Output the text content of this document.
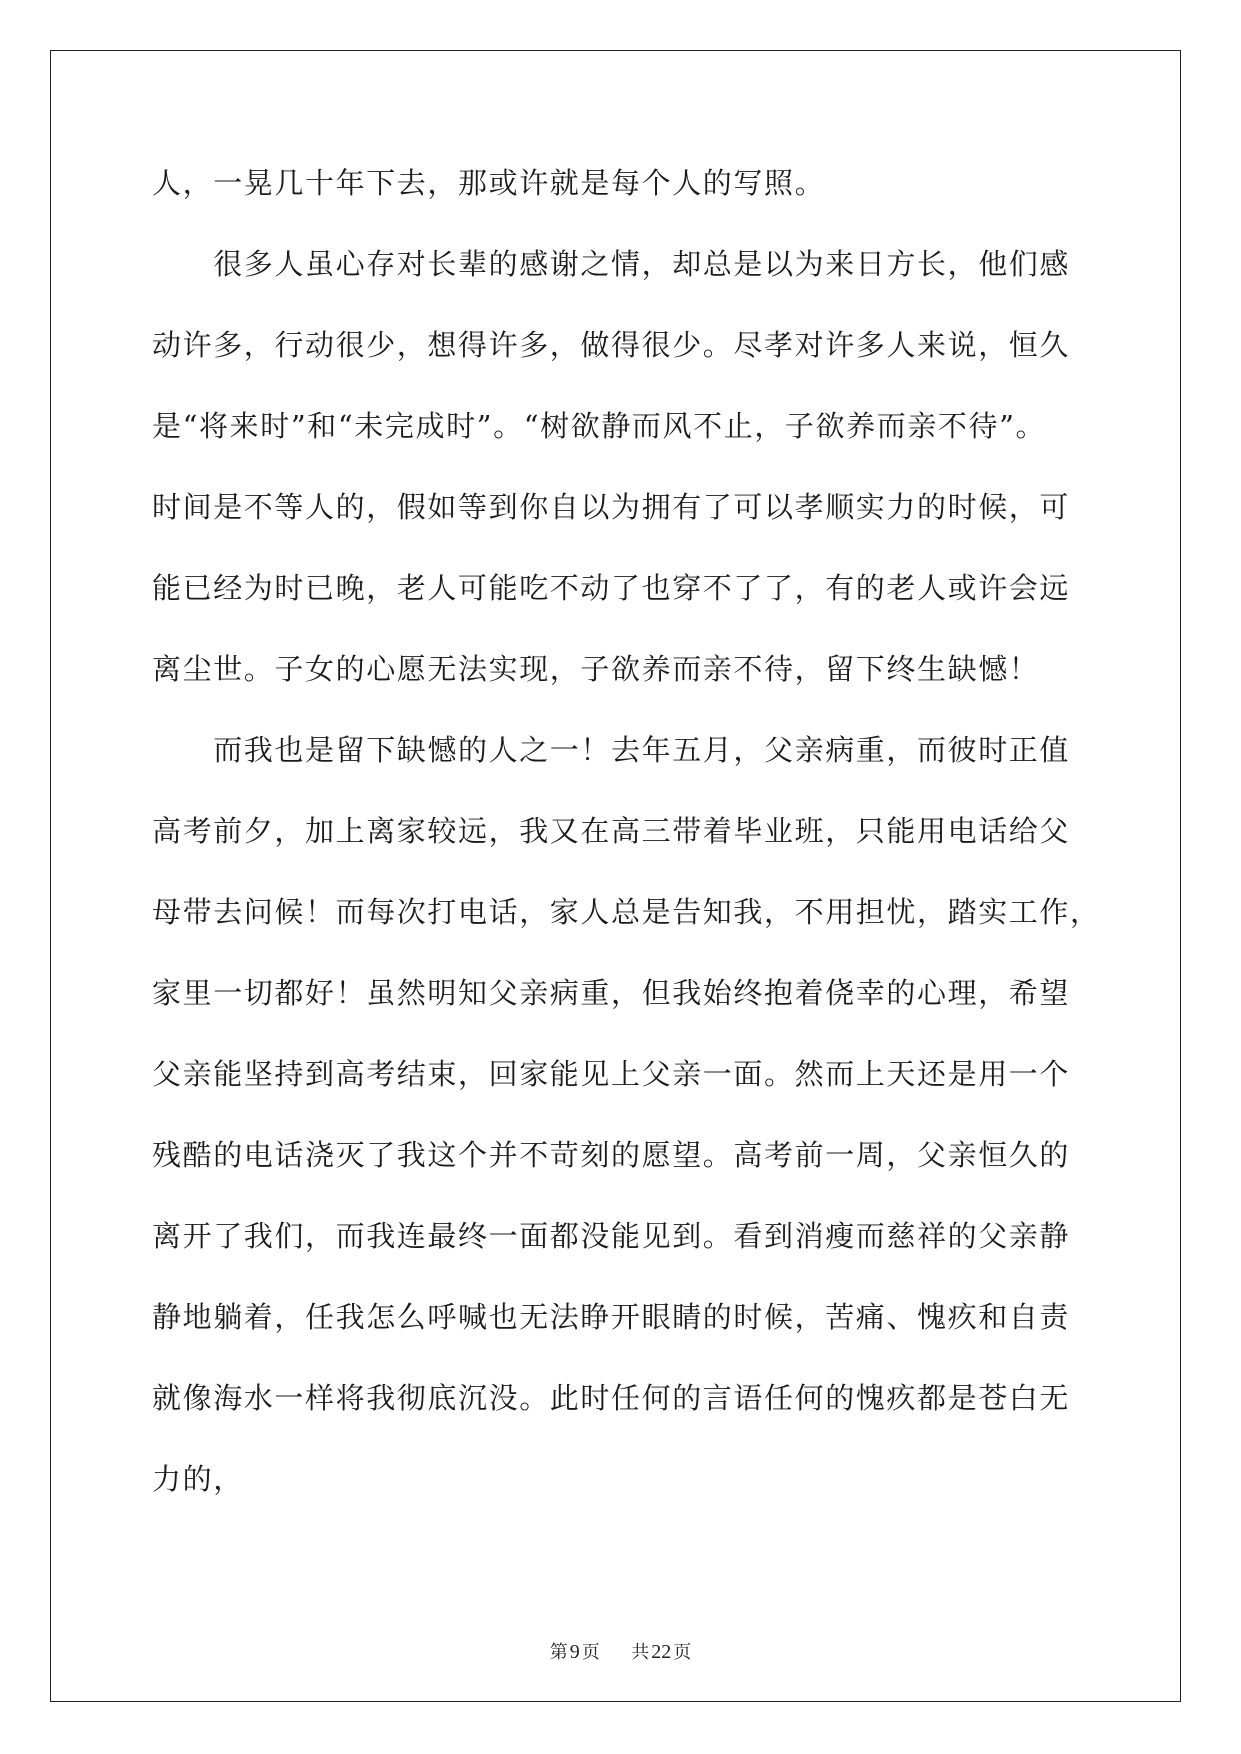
人，一晃几十年下去，那或许就是每个人的写照。
　　很多人虽心存对长辈的感谢之情，却总是以为来日方长，他们感
动许多，行动很少，想得许多，做得很少。尽孝对许多人来说，恒久
是“将来时”和“未完成时”。“树欲静而风不止，子欲养而亲不待”。
时间是不等人的，假如等到你自以为拥有了可以孝顺实力的时候，可
能已经为时已晚，老人可能吃不动了也穿不了了，有的老人或许会远
离尘世。子女的心愿无法实现，子欲养而亲不待，留下终生缺憾！
　　而我也是留下缺憾的人之一！去年五月，父亲病重，而彼时正值
高考前夕，加上离家较远，我又在高三带着毕业班，只能用电话给父
母带去问候！而每次打电话，家人总是告知我，不用担忧，踏实工作，
家里一切都好！虽然明知父亲病重，但我始终抱着侥幸的心理，希望
父亲能坚持到高考结束，回家能见上父亲一面。然而上天还是用一个
残酷的电话浇灭了我这个并不苛刻的愿望。高考前一周，父亲恒久的
离开了我们，而我连最终一面都没能见到。看到消瘦而慈祥的父亲静
静地躺着，任我怎么呼喊也无法睁开眼睛的时候，苦痛、愧疚和自责
就像海水一样将我彻底沉没。此时任何的言语任何的愧疚都是苍白无
力的，
第 9 页 共 22 页
